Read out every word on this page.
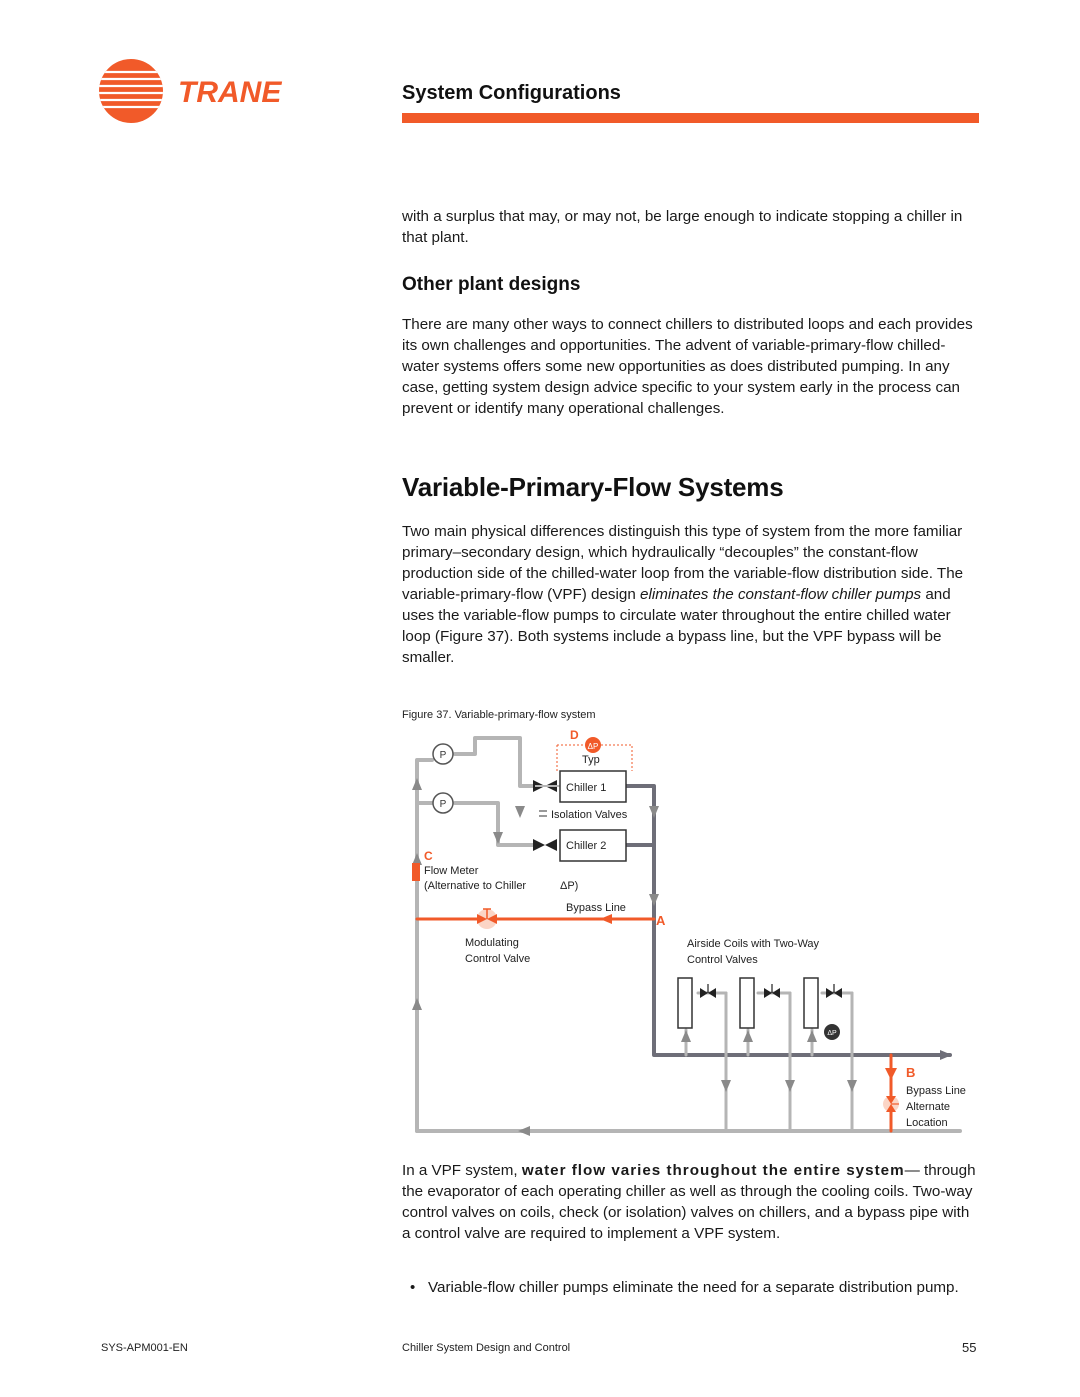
TRANE	System Configurations

with a surplus that may, or may not, be large enough to indicate stopping a chiller in that plant.

Other plant designs

There are many other ways to connect chillers to distributed loops and each provides its own challenges and opportunities. The advent of variable-primary-flow chilled-water systems offers some new opportunities as does distributed pumping. In any case, getting system design advice specific to your system early in the process can prevent or identify many operational challenges.

Variable-Primary-Flow Systems

Two main physical differences distinguish this type of system from the more familiar primary–secondary design, which hydraulically “decouples” the constant-flow production side of the chilled-water loop from the variable-flow distribution side. The variable-primary-flow (VPF) design eliminates the constant-flow chiller pumps and uses the variable-flow pumps to circulate water throughout the entire chilled water loop (Figure 37). Both systems include a bypass line, but the VPF bypass will be smaller.

Figure 37. Variable-primary-flow system
P
P
Chiller 1
Chiller 2
ΔP
D
Typ
Isolation Valves
C
Flow Meter
(Alternative to Chiller	ΔP)
Bypass Line
A
Modulating
Control Valve
Airside Coils with Two-Way
Control Valves
ΔP
B
Bypass Line
Alternate
Location

In a VPF system, water flow varies throughout the entire system— through the evaporator of each operating chiller as well as through the cooling coils. Two-way control valves on coils, check (or isolation) valves on chillers, and a bypass pipe with a control valve are required to implement a VPF system.

• Variable-flow chiller pumps eliminate the need for a separate distribution pump.

SYS-APM001-EN	Chiller System Design and Control	55
